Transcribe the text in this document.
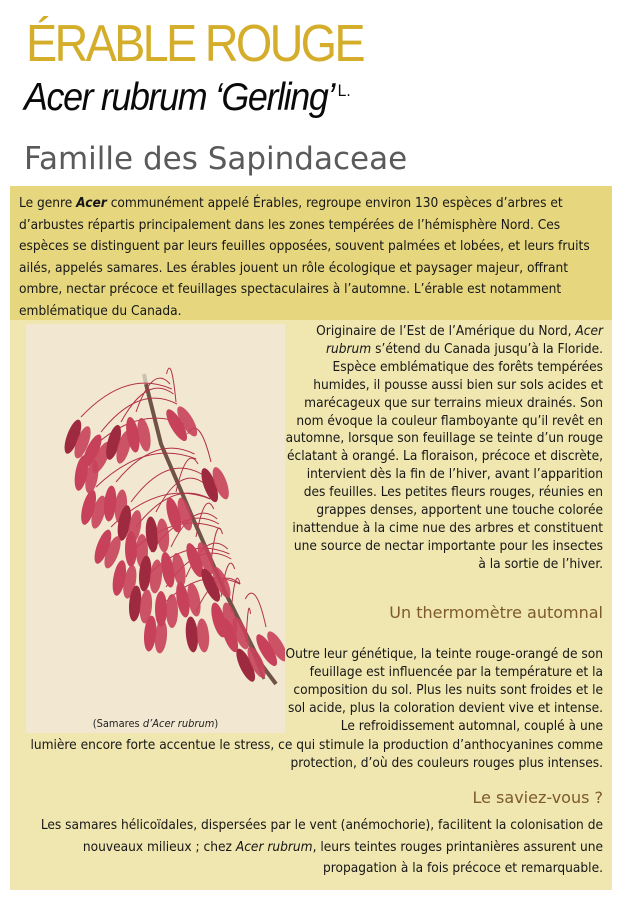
ÉRABLE ROUGE
Acer rubrum ‘Gerling’ $^{L.}$
Famille des Sapindaceae

Le genre Acer communément appelé Érables, regroupe environ 130 espèces d’arbres et d’arbustes répartis principalement dans les zones tempérées de l’hémisphère Nord. Ces espèces se distinguent par leurs feuilles opposées, souvent palmées et lobées, et leurs fruits ailés, appelés samares. Les érables jouent un rôle écologique et paysager majeur, offrant ombre, nectar précoce et feuillages spectaculaires à l’automne. L’érable est notamment emblématique du Canada.

(Samares d’Acer rubrum)

Originaire de l’Est de l’Amérique du Nord, Acer rubrum s’étend du Canada jusqu’à la Floride. Espèce emblématique des forêts tempérées humides, il pousse aussi bien sur sols acides et marécageux que sur terrains mieux drainés. Son nom évoque la couleur flamboyante qu’il revêt en automne, lorsque son feuillage se teinte d’un rouge éclatant à orangé. La floraison, précoce et discrète, intervient dès la fin de l’hiver, avant l’apparition des feuilles. Les petites fleurs rouges, réunies en grappes denses, apportent une touche colorée inattendue à la cime nue des arbres et constituent une source de nectar importante pour les insectes à la sortie de l’hiver.

Un thermomètre automnal

Outre leur génétique, la teinte rouge-orangé de son feuillage est influencée par la température et la composition du sol. Plus les nuits sont froides et le sol acide, plus la coloration devient vive et intense. Le refroidissement automnal, couplé à une

lumière encore forte accentue le stress, ce qui stimule la production d’anthocyanines comme protection, d’où des couleurs rouges plus intenses.

Le saviez-vous ?

Les samares hélicoïdales, dispersées par le vent (anémochorie), facilitent la colonisation de nouveaux milieux ; chez Acer rubrum, leurs teintes rouges printanières assurent une propagation à la fois précoce et remarquable.
